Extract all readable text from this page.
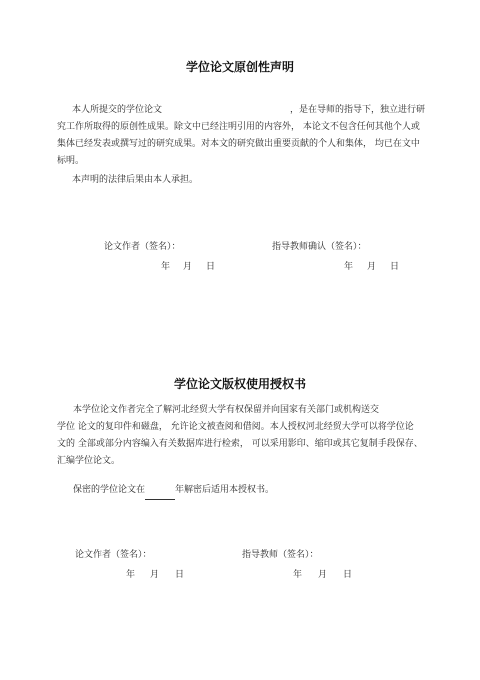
学位论文原创性声明
本人所提交的学位论文	，是在导师的指导下，独立进行研
究工作所取得的原创性成果。除文中已经注明引用的内容外， 本论文不包含任何其他个人或
集体已经发表或撰写过的研究成果。对本文的研究做出重要贡献的个人和集体， 均已在文中
标明。
本声明的法律后果由本人承担。
论文作者（签名）：	指导教师确认（签名）：
年 月 日	年 月 日
学位论文版权使用授权书
本学位论文作者完全了解河北经贸大学有权保留并向国家有关部门或机构送交
学位 论文的复印件和磁盘， 允许论文被查阅和借阅。本人授权河北经贸大学可以将学位论
文的 全部或部分内容编入有关数据库进行检索， 可以采用影印、缩印或其它复制手段保存、
汇编学位论文。
保密的学位论文在	年解密后适用本授权书。
论文作者（签名）：	指导教师（签名）：
年 月 日	年 月 日
